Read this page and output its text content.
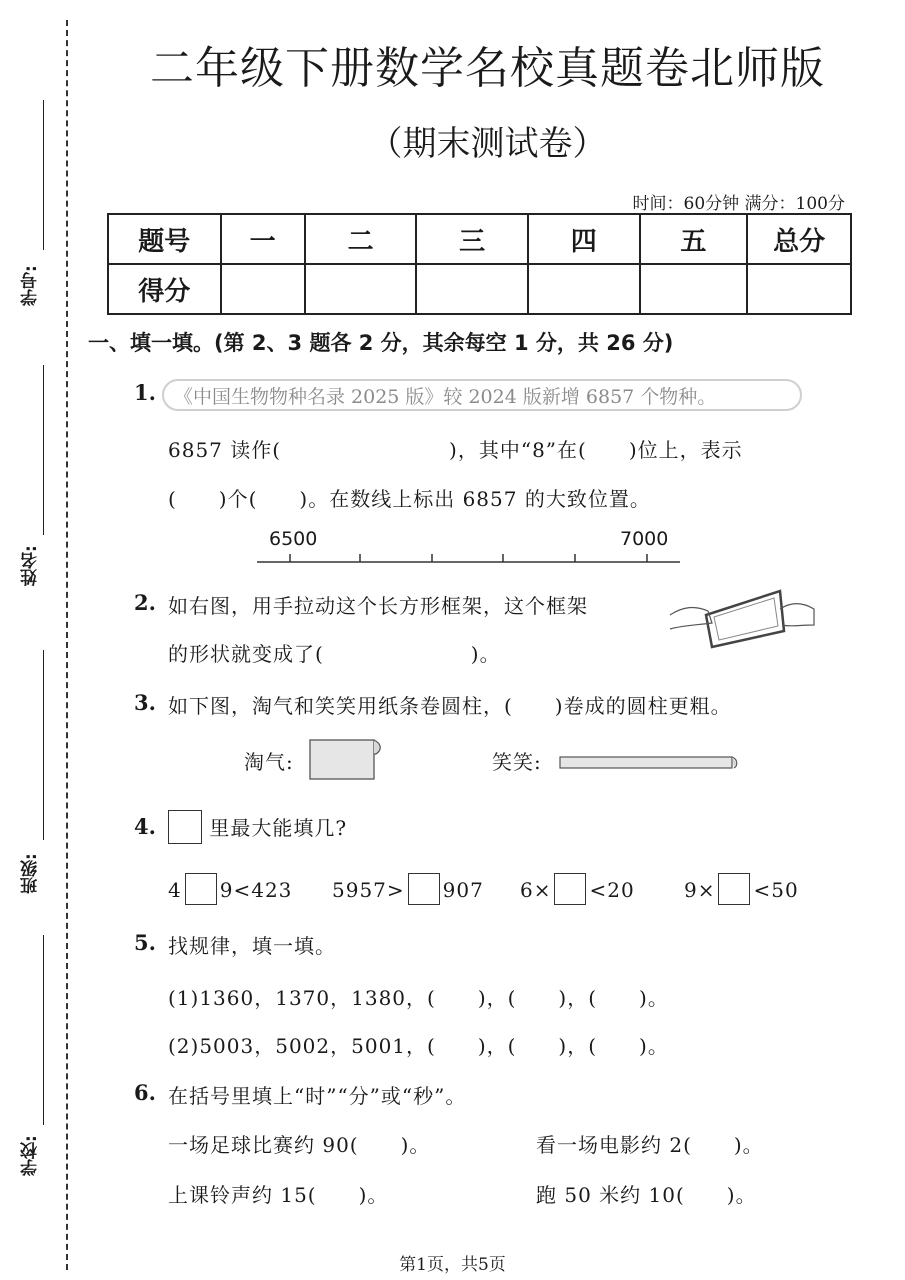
学号:
姓名:
班级:
学校:
二年级下册数学名校真题卷北师版
（期末测试卷）
时间：60分钟 满分：100分
题号	一	二	三	四	五	总分
得分						
一、填一填。(第 2、3 题各 2 分，其余每空 1 分，共 26 分)
1. 《中国生物物种名录 2025 版》较 2024 版新增 6857 个物种。
6857 读作(　　　　　　　　)，其中“8”在(　　)位上，表示
(　　)个(　　)。在数线上标出 6857 的大致位置。
6500	7000
2. 如右图，用手拉动这个长方形框架，这个框架
的形状就变成了(　　　　　　　)。
3. 如下图，淘气和笑笑用纸条卷圆柱，(　　)卷成的圆柱更粗。
淘气:	笑笑:
4.	里最大能填几?
4 9<423 5957> 907 6× <20 9× <50
5. 找规律，填一填。
(1)1360，1370，1380，(　　)，(　　)，(　　)。
(2)5003，5002，5001，(　　)，(　　)，(　　)。
6. 在括号里填上“时”“分”或“秒”。
一场足球比赛约 90(　　)。	看一场电影约 2(　　)。
上课铃声约 15(　　)。	跑 50 米约 10(　　)。
第1页，共5页
